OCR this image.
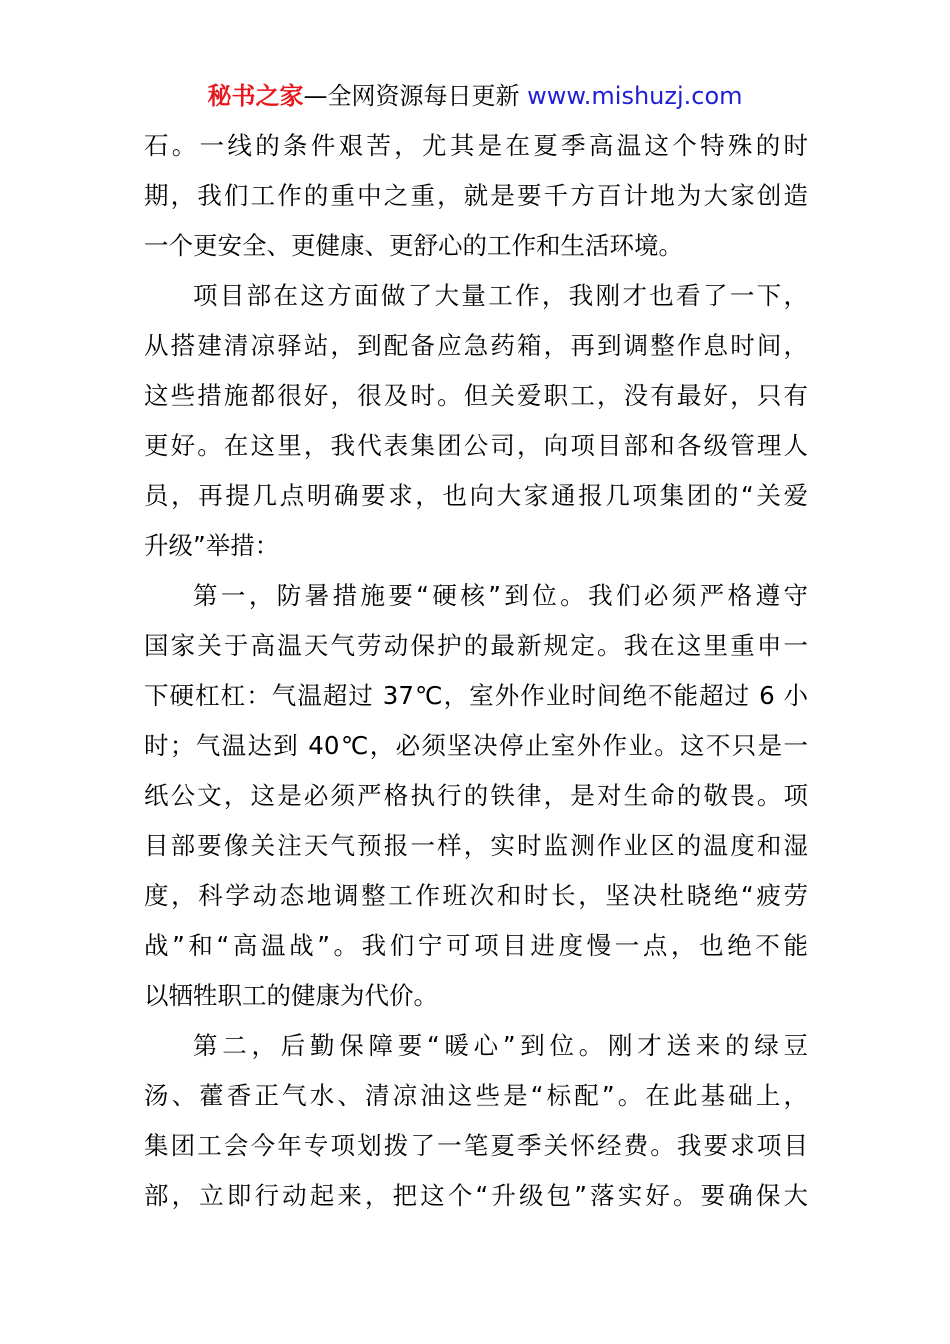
秘书之家—全网资源每日更新 www.mishuzj.com
石。一线的条件艰苦，尤其是在夏季高温这个特殊的时
期，我们工作的重中之重，就是要千方百计地为大家创造
一个更安全、更健康、更舒心的工作和生活环境。
项目部在这方面做了大量工作，我刚才也看了一下，
从搭建清凉驿站，到配备应急药箱，再到调整作息时间，
这些措施都很好，很及时。但关爱职工，没有最好，只有
更好。在这里，我代表集团公司，向项目部和各级管理人
员，再提几点明确要求，也向大家通报几项集团的“关爱
升级”举措：
第一，防暑措施要“硬核”到位。我们必须严格遵守
国家关于高温天气劳动保护的最新规定。我在这里重申一
下硬杠杠：气温超过 37℃，室外作业时间绝不能超过 6 小
时；气温达到 40℃，必须坚决停止室外作业。这不只是一
纸公文，这是必须严格执行的铁律，是对生命的敬畏。项
目部要像关注天气预报一样，实时监测作业区的温度和湿
度，科学动态地调整工作班次和时长，坚决杜晓绝“疲劳
战”和“高温战”。我们宁可项目进度慢一点，也绝不能
以牺牲职工的健康为代价。
第二，后勤保障要“暖心”到位。刚才送来的绿豆
汤、藿香正气水、清凉油这些是“标配”。在此基础上，
集团工会今年专项划拨了一笔夏季关怀经费。我要求项目
部，立即行动起来，把这个“升级包”落实好。要确保大
